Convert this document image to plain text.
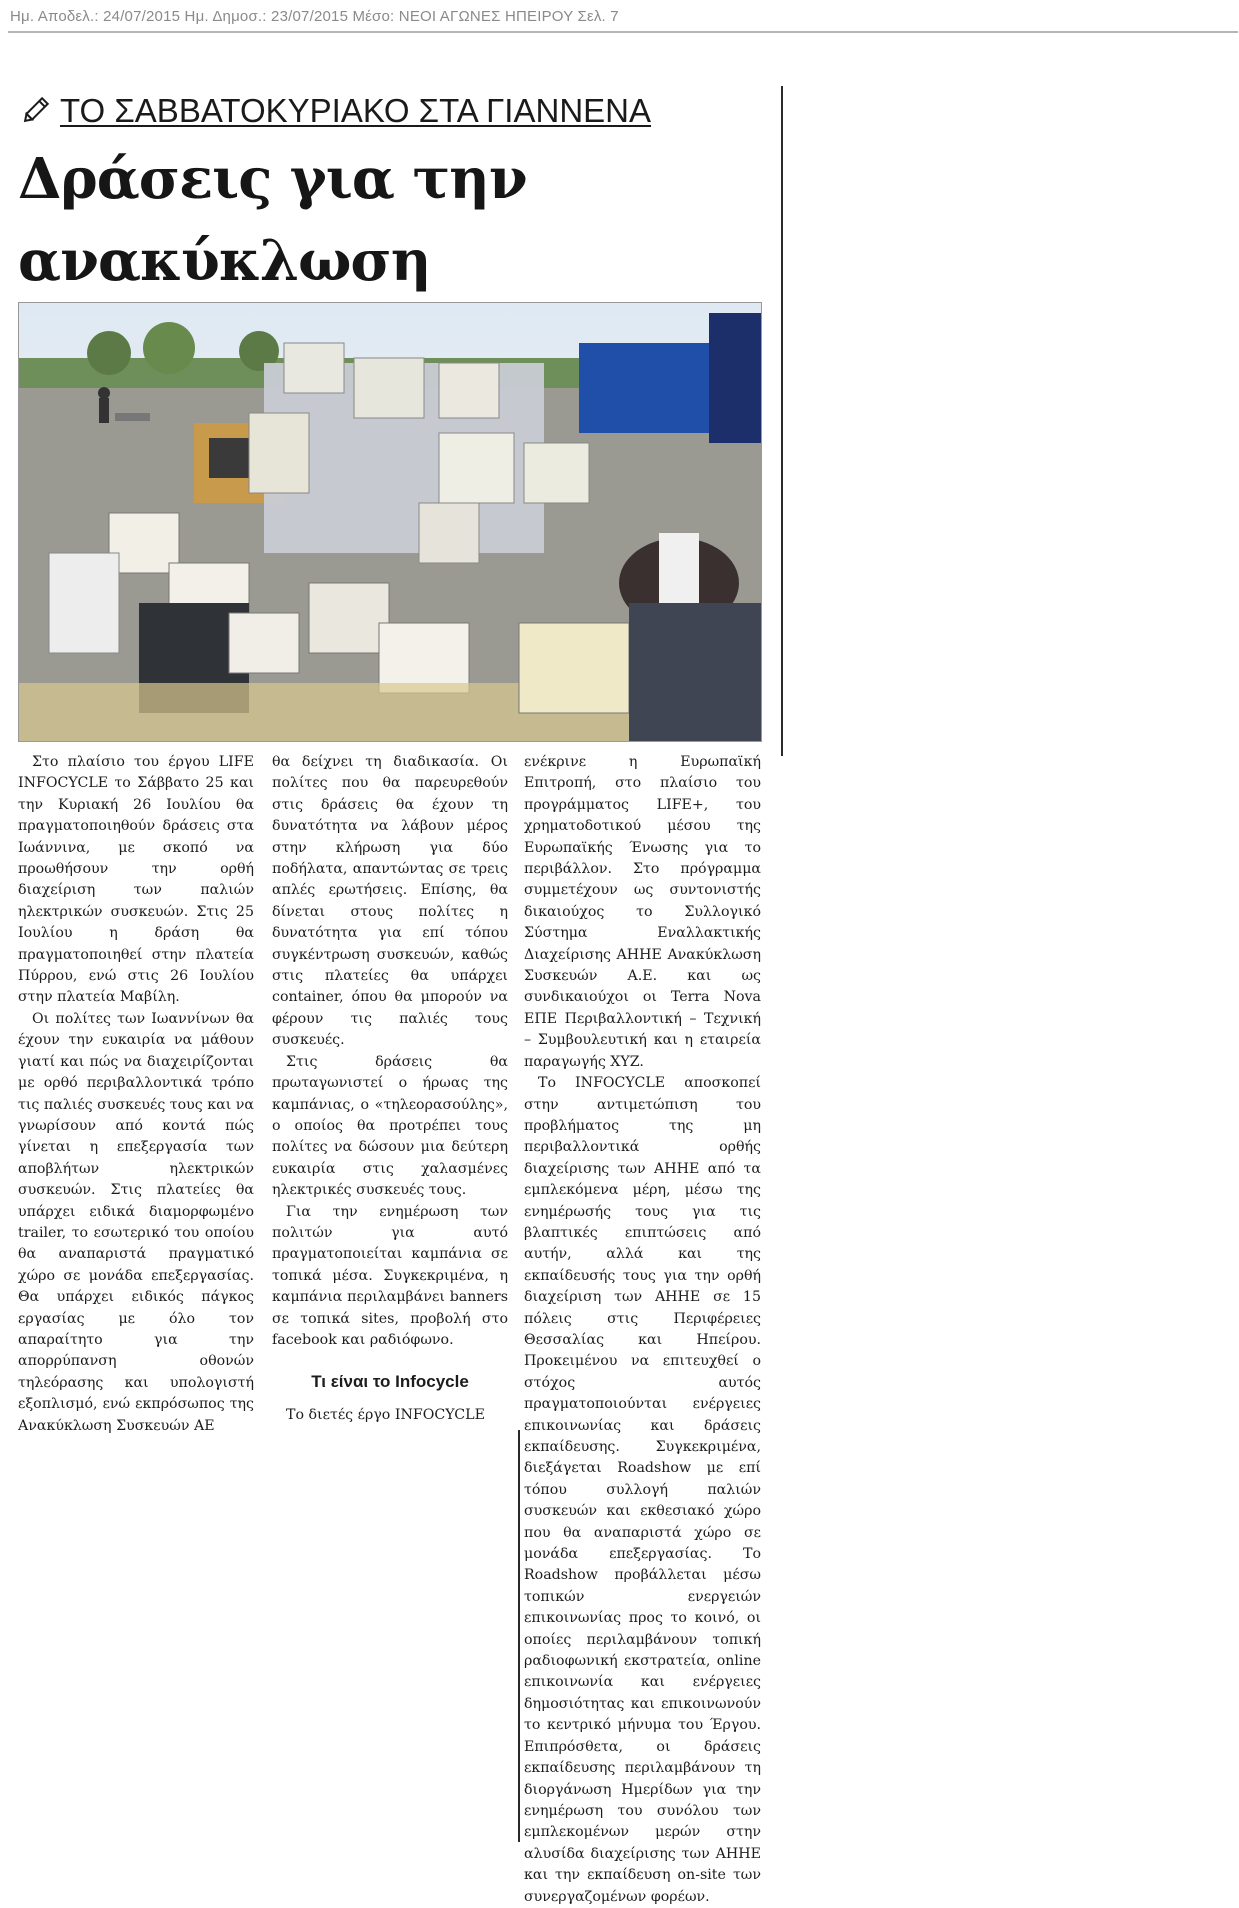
Ημ. Αποδελ.: 24/07/2015 Ημ. Δημοσ.: 23/07/2015 Μέσο: ΝΕΟΙ ΑΓΩΝΕΣ ΗΠΕΙΡΟΥ Σελ. 7
ΤΟ ΣΑΒΒΑΤΟΚΥΡΙΑΚΟ ΣΤΑ ΓΙΑΝΝΕΝΑ
Δράσεις για την ανακύκλωση

Στο πλαίσιο του έργου LIFE INFOCYCLE το Σάββατο 25 και την Κυριακή 26 Ιουλίου θα πραγματοποιηθούν δράσεις στα Ιωάννινα, με σκοπό να προωθήσουν την ορθή διαχείριση των παλιών ηλεκτρικών συσκευών. Στις 25 Ιουλίου η δράση θα πραγματοποιηθεί στην πλατεία Πύρρου, ενώ στις 26 Ιουλίου στην πλατεία Μαβίλη.

Οι πολίτες των Ιωαννίνων θα έχουν την ευκαιρία να μάθουν γιατί και πώς να διαχειρίζονται με ορθό περιβαλλοντικά τρόπο τις παλιές συσκευές τους και να γνωρίσουν από κοντά πώς γίνεται η επεξεργασία των αποβλήτων ηλεκτρικών συσκευών. Στις πλατείες θα υπάρχει ειδικά διαμορφωμένο trailer, το εσωτερικό του οποίου θα αναπαριστά πραγματικό χώρο σε μονάδα επεξεργασίας. Θα υπάρχει ειδικός πάγκος εργασίας με όλο τον απαραίτητο για την απορρύπανση οθονών τηλεόρασης και υπολογιστή εξοπλισμό, ενώ εκπρόσωπος της Ανακύκλωση Συσκευών ΑΕ

θα δείχνει τη διαδικασία. Οι πολίτες που θα παρευρεθούν στις δράσεις θα έχουν τη δυνατότητα να λάβουν μέρος στην κλήρωση για δύο ποδήλατα, απαντώντας σε τρεις απλές ερωτήσεις. Επίσης, θα δίνεται στους πολίτες η δυνατότητα για επί τόπου συγκέντρωση συσκευών, καθώς στις πλατείες θα υπάρχει container, όπου θα μπορούν να φέρουν τις παλιές τους συσκευές.

Στις δράσεις θα πρωταγωνιστεί ο ήρωας της καμπάνιας, ο «τηλεορασούλης», ο οποίος θα προτρέπει τους πολίτες να δώσουν μια δεύτερη ευκαιρία στις χαλασμένες ηλεκτρικές συσκευές τους.

Για την ενημέρωση των πολιτών για αυτό πραγματοποιείται καμπάνια σε τοπικά μέσα. Συγκεκριμένα, η καμπάνια περιλαμβάνει banners σε τοπικά sites, προβολή στο facebook και ραδιόφωνο.

Τι είναι το Infocycle

Το διετές έργο INFOCYCLE

ενέκρινε η Ευρωπαϊκή Επιτροπή, στο πλαίσιο του προγράμματος LIFE+, του χρηματοδοτικού μέσου της Ευρωπαϊκής Ένωσης για το περιβάλλον. Στο πρόγραμμα συμμετέχουν ως συντονιστής δικαιούχος το Συλλογικό Σύστημα Εναλλακτικής Διαχείρισης ΑΗΗΕ Ανακύκλωση Συσκευών Α.Ε. και ως συνδικαιούχοι οι Terra Nova ΕΠΕ Περιβαλλοντική – Τεχνική – Συμβουλευτική και η εταιρεία παραγωγής XYZ.

Το INFOCYCLE αποσκοπεί στην αντιμετώπιση του προβλήματος της μη περιβαλλοντικά ορθής διαχείρισης των ΑΗΗΕ από τα εμπλεκόμενα μέρη, μέσω της ενημέρωσής τους για τις βλαπτικές επιπτώσεις από αυτήν, αλλά και της εκπαίδευσής τους για την ορθή διαχείριση των ΑΗΗΕ σε 15 πόλεις στις Περιφέρειες Θεσσαλίας και Ηπείρου. Προκειμένου να επιτευχθεί ο στόχος αυτός πραγματοποιούνται ενέργειες επικοινωνίας και δράσεις εκπαίδευσης. Συγκεκριμένα, διεξάγεται Roadshow με επί τόπου συλλογή παλιών συσκευών και εκθεσιακό χώρο που θα αναπαριστά χώρο σε μονάδα επεξεργασίας. Το Roadshow προβάλλεται μέσω τοπικών ενεργειών επικοινωνίας προς το κοινό, οι οποίες περιλαμβάνουν τοπική ραδιοφωνική εκστρατεία, online επικοινωνία και ενέργειες δημοσιότητας και επικοινωνούν το κεντρικό μήνυμα του Έργου. Επιπρόσθετα, οι δράσεις εκπαίδευσης περιλαμβάνουν τη διοργάνωση Ημερίδων για την ενημέρωση του συνόλου των εμπλεκομένων μερών στην αλυσίδα διαχείρισης των ΑΗΗΕ και την εκπαίδευση on-site των συνεργαζομένων φορέων.
